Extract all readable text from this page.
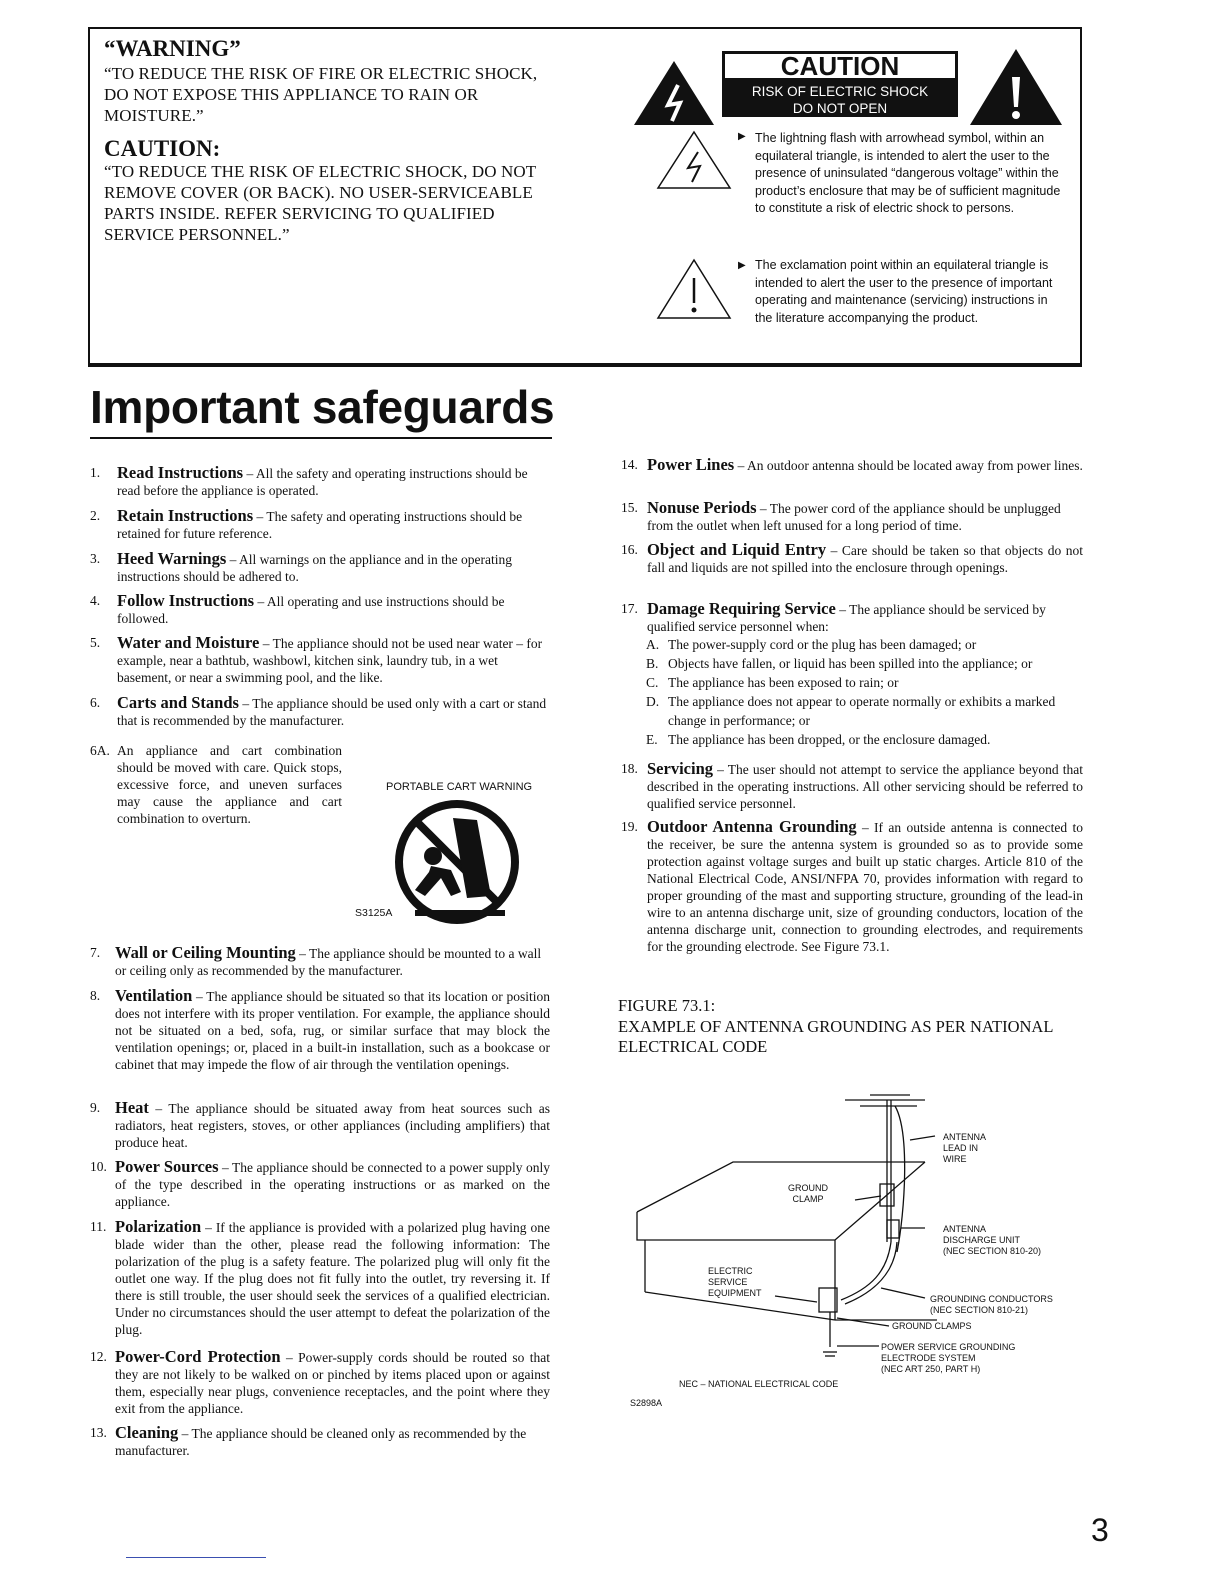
“WARNING”
“TO REDUCE THE RISK OF FIRE OR ELECTRIC SHOCK, DO NOT EXPOSE THIS APPLIANCE TO RAIN OR MOISTURE.”
CAUTION:
“TO REDUCE THE RISK OF ELECTRIC SHOCK, DO NOT REMOVE COVER (OR BACK). NO USER-SERVICEABLE PARTS INSIDE. REFER SERVICING TO QUALIFIED SERVICE PERSONNEL.”
CAUTION
RISK OF ELECTRIC SHOCK
DO NOT OPEN
▶ The lightning flash with arrowhead symbol, within an equilateral triangle, is intended to alert the user to the presence of uninsulated “dangerous voltage” within the product’s enclosure that may be of sufficient magnitude to constitute a risk of electric shock to persons.
▶ The exclamation point within an equilateral triangle is intended to alert the user to the presence of important operating and maintenance (servicing) instructions in the literature accompanying the product.
Important safeguards
1.	Read Instructions – All the safety and operating instructions should be read before the appliance is operated.
2.	Retain Instructions – The safety and operating instructions should be retained for future reference.
3.	Heed Warnings – All warnings on the appliance and in the operating instructions should be adhered to.
4.	Follow Instructions – All operating and use instructions should be followed.
5.	Water and Moisture – The appliance should not be used near water – for example, near a bathtub, washbowl, kitchen sink, laundry tub, in a wet basement, or near a swimming pool, and the like.
6.	Carts and Stands – The appliance should be used only with a cart or stand that is recommended by the manufacturer.
6A. An appliance and cart combination should be moved with care. Quick stops, excessive force, and uneven surfaces may cause the appliance and cart combination to overturn.
PORTABLE CART WARNING
S3125A
7. Wall or Ceiling Mounting – The appliance should be mounted to a wall or ceiling only as recommended by the manufacturer.
8. Ventilation – The appliance should be situated so that its location or position does not interfere with its proper ventilation. For example, the appliance should not be situated on a bed, sofa, rug, or similar surface that may block the ventilation openings; or, placed in a built-in installation, such as a bookcase or cabinet that may impede the flow of air through the ventilation openings.
9. Heat – The appliance should be situated away from heat sources such as radiators, heat registers, stoves, or other appliances (including amplifiers) that produce heat.
10. Power Sources – The appliance should be connected to a power supply only of the type described in the operating instructions or as marked on the appliance.
11. Polarization – If the appliance is provided with a polarized plug having one blade wider than the other, please read the following information: The polarization of the plug is a safety feature. The polarized plug will only fit the outlet one way. If the plug does not fit fully into the outlet, try reversing it. If there is still trouble, the user should seek the services of a qualified electrician. Under no circumstances should the user attempt to defeat the polarization of the plug.
12. Power-Cord Protection – Power-supply cords should be routed so that they are not likely to be walked on or pinched by items placed upon or against them, especially near plugs, convenience receptacles, and the point where they exit from the appliance.
13. Cleaning – The appliance should be cleaned only as recommended by the manufacturer.
14. Power Lines – An outdoor antenna should be located away from power lines.
15. Nonuse Periods – The power cord of the appliance should be unplugged from the outlet when left unused for a long period of time.
16. Object and Liquid Entry – Care should be taken so that objects do not fall and liquids are not spilled into the enclosure through openings.
17. Damage Requiring Service – The appliance should be serviced by qualified service personnel when:
A. The power-supply cord or the plug has been damaged; or
B. Objects have fallen, or liquid has been spilled into the appliance; or
C. The appliance has been exposed to rain; or
D. The appliance does not appear to operate normally or exhibits a marked change in performance; or
E. The appliance has been dropped, or the enclosure damaged.
18. Servicing – The user should not attempt to service the appliance beyond that described in the operating instructions. All other servicing should be referred to qualified service personnel.
19. Outdoor Antenna Grounding – If an outside antenna is connected to the receiver, be sure the antenna system is grounded so as to provide some protection against voltage surges and built up static charges. Article 810 of the National Electrical Code, ANSI/NFPA 70, provides information with regard to proper grounding of the mast and supporting structure, grounding of the lead-in wire to an antenna discharge unit, size of grounding conductors, location of the antenna discharge unit, connection to grounding electrodes, and requirements for the grounding electrode. See Figure 73.1.
FIGURE 73.1:
EXAMPLE OF ANTENNA GROUNDING AS PER NATIONAL ELECTRICAL CODE
ANTENNA
LEAD IN
WIRE
GROUND
CLAMP
ANTENNA
DISCHARGE UNIT
(NEC SECTION 810-20)
ELECTRIC
SERVICE
EQUIPMENT
GROUNDING CONDUCTORS
(NEC SECTION 810-21)
GROUND CLAMPS
POWER SERVICE GROUNDING
ELECTRODE SYSTEM
(NEC ART 250, PART H)
NEC – NATIONAL ELECTRICAL CODE
S2898A
3
